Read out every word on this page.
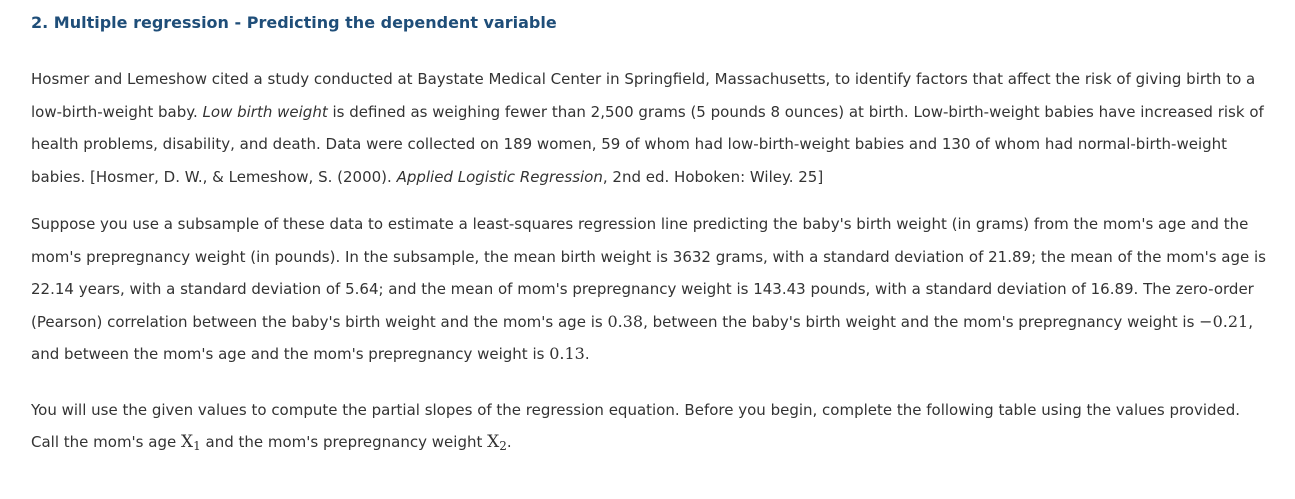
2. Multiple regression - Predicting the dependent variable

Hosmer and Lemeshow cited a study conducted at Baystate Medical Center in Springfield, Massachusetts, to identify factors that affect the risk of giving birth to a low-birth-weight baby. Low birth weight is defined as weighing fewer than 2,500 grams (5 pounds 8 ounces) at birth. Low-birth-weight babies have increased risk of health problems, disability, and death. Data were collected on 189 women, 59 of whom had low-birth-weight babies and 130 of whom had normal-birth-weight babies. [Hosmer, D. W., & Lemeshow, S. (2000). Applied Logistic Regression, 2nd ed. Hoboken: Wiley. 25]

Suppose you use a subsample of these data to estimate a least-squares regression line predicting the baby's birth weight (in grams) from the mom's age and the mom's prepregnancy weight (in pounds). In the subsample, the mean birth weight is 3632 grams, with a standard deviation of 21.89; the mean of the mom's age is 22.14 years, with a standard deviation of 5.64; and the mean of mom's prepregnancy weight is 143.43 pounds, with a standard deviation of 16.89. The zero-order (Pearson) correlation between the baby's birth weight and the mom's age is 0.38, between the baby's birth weight and the mom's prepregnancy weight is −0.21, and between the mom's age and the mom's prepregnancy weight is 0.13.

You will use the given values to compute the partial slopes of the regression equation. Before you begin, complete the following table using the values provided. Call the mom's age $X_1$ and the mom's prepregnancy weight $X_2$.
